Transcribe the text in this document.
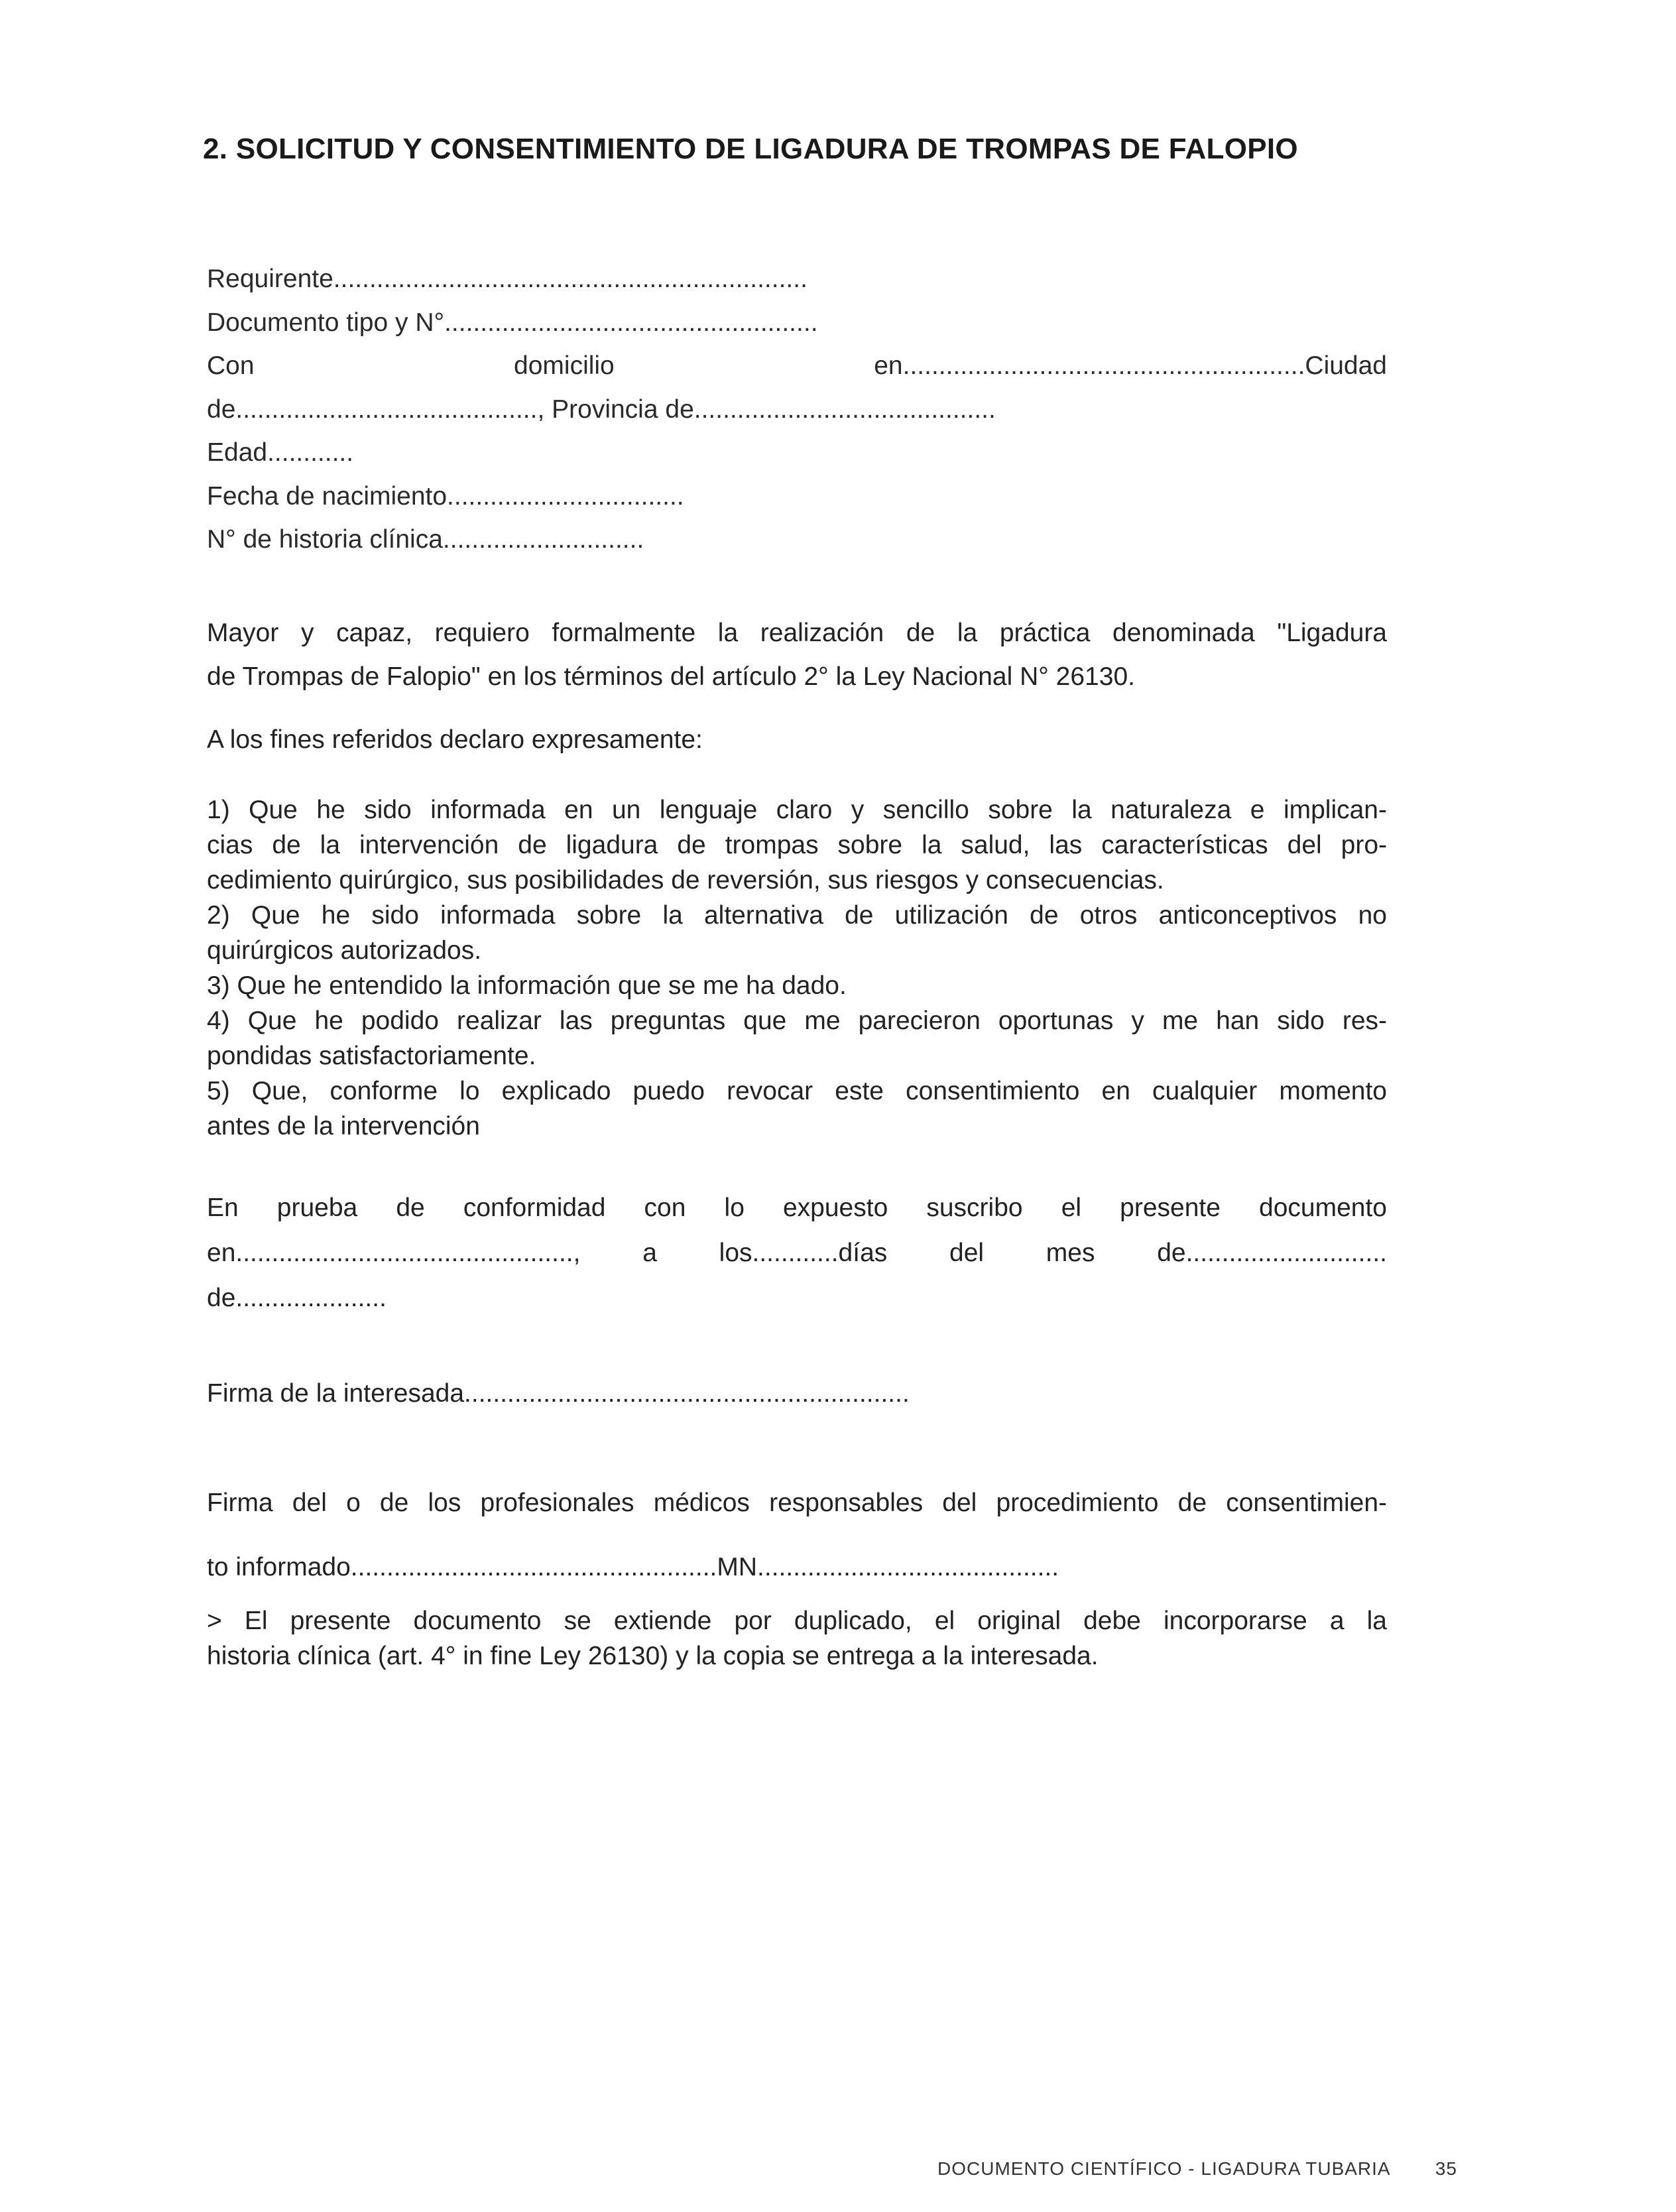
2. SOLICITUD Y CONSENTIMIENTO DE LIGADURA DE TROMPAS DE FALOPIO
Requirente..................................................................
Documento tipo y N°....................................................
Con	domicilio	en........................................................Ciudad
de.........................................., Provincia de..........................................
Edad............
Fecha de nacimiento.................................
N° de historia clínica............................
Mayor y capaz, requiero formalmente la realización de la práctica denominada "Ligadura
de Trompas de Falopio" en los términos del artículo 2° la Ley Nacional N° 26130.
A los fines referidos declaro expresamente:
1) Que he sido informada en un lenguaje claro y sencillo sobre la naturaleza e implican-
cias de la intervención de ligadura de trompas sobre la salud, las características del pro-
cedimiento quirúrgico, sus posibilidades de reversión, sus riesgos y consecuencias.
2) Que he sido informada sobre la alternativa de utilización de otros anticonceptivos no
quirúrgicos autorizados.
3) Que he entendido la información que se me ha dado.
4) Que he podido realizar las preguntas que me parecieron oportunas y me han sido res-
pondidas satisfactoriamente.
5) Que, conforme lo explicado puedo revocar este consentimiento en cualquier momento
antes de la intervención
En prueba de conformidad con lo expuesto suscribo el presente documento
en..............................................., a los............días del mes de............................
de.....................
Firma de la interesada..............................................................
Firma del o de los profesionales médicos responsables del procedimiento de consentimien-
to informado...................................................MN..........................................
> El presente documento se extiende por duplicado, el original debe incorporarse a la
historia clínica (art. 4° in fine Ley 26130) y la copia se entrega a la interesada.
DOCUMENTO CIENTÍFICO - LIGADURA TUBARIA 35
